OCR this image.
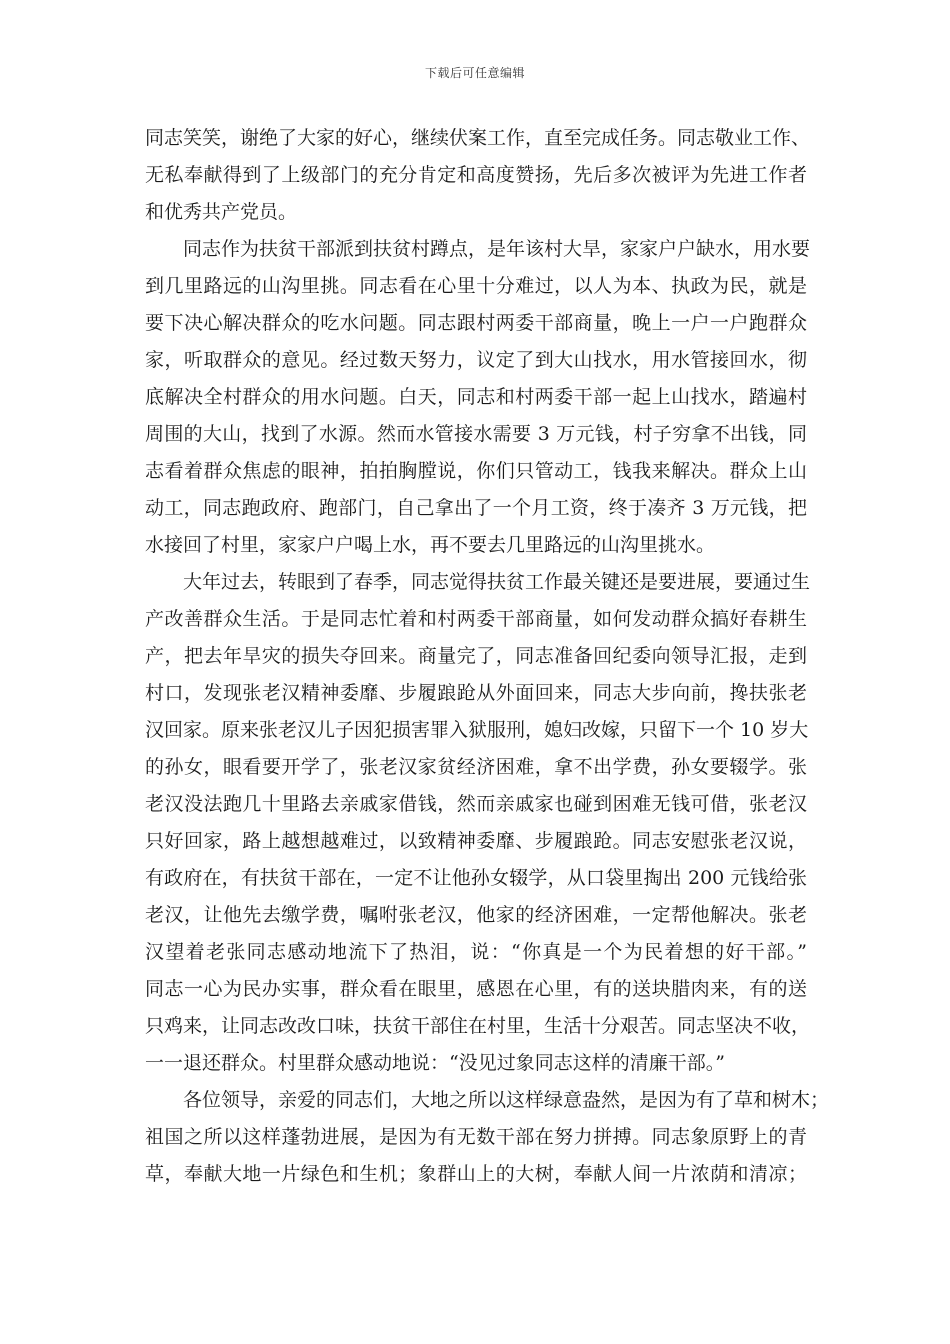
下载后可任意编辑
同志笑笑，谢绝了大家的好心，继续伏案工作，直至完成任务。同志敬业工作、
无私奉献得到了上级部门的充分肯定和高度赞扬，先后多次被评为先进工作者
和优秀共产党员。
　　同志作为扶贫干部派到扶贫村蹲点，是年该村大旱，家家户户缺水，用水要
到几里路远的山沟里挑。同志看在心里十分难过，以人为本、执政为民，就是
要下决心解决群众的吃水问题。同志跟村两委干部商量，晚上一户一户跑群众
家，听取群众的意见。经过数天努力，议定了到大山找水，用水管接回水，彻
底解决全村群众的用水问题。白天，同志和村两委干部一起上山找水，踏遍村
周围的大山，找到了水源。然而水管接水需要 3 万元钱，村子穷拿不出钱，同
志看着群众焦虑的眼神，拍拍胸膛说，你们只管动工，钱我来解决。群众上山
动工，同志跑政府、跑部门，自己拿出了一个月工资，终于凑齐 3 万元钱，把
水接回了村里，家家户户喝上水，再不要去几里路远的山沟里挑水。
　　大年过去，转眼到了春季，同志觉得扶贫工作最关键还是要进展，要通过生
产改善群众生活。于是同志忙着和村两委干部商量，如何发动群众搞好春耕生
产，把去年旱灾的损失夺回来。商量完了，同志准备回纪委向领导汇报，走到
村口，发现张老汉精神委靡、步履踉跄从外面回来，同志大步向前，搀扶张老
汉回家。原来张老汉儿子因犯损害罪入狱服刑，媳妇改嫁，只留下一个 10 岁大
的孙女，眼看要开学了，张老汉家贫经济困难，拿不出学费，孙女要辍学。张
老汉没法跑几十里路去亲戚家借钱，然而亲戚家也碰到困难无钱可借，张老汉
只好回家，路上越想越难过，以致精神委靡、步履踉跄。同志安慰张老汉说，
有政府在，有扶贫干部在，一定不让他孙女辍学，从口袋里掏出 200 元钱给张
老汉，让他先去缴学费，嘱咐张老汉，他家的经济困难，一定帮他解决。张老
汉望着老张同志感动地流下了热泪，说：“你真是一个为民着想的好干部。”
同志一心为民办实事，群众看在眼里，感恩在心里，有的送块腊肉来，有的送
只鸡来，让同志改改口味，扶贫干部住在村里，生活十分艰苦。同志坚决不收，
一一退还群众。村里群众感动地说：“没见过象同志这样的清廉干部。”
　　各位领导，亲爱的同志们，大地之所以这样绿意盎然，是因为有了草和树木；
祖国之所以这样蓬勃进展，是因为有无数干部在努力拼搏。同志象原野上的青
草，奉献大地一片绿色和生机；象群山上的大树，奉献人间一片浓荫和清凉；
